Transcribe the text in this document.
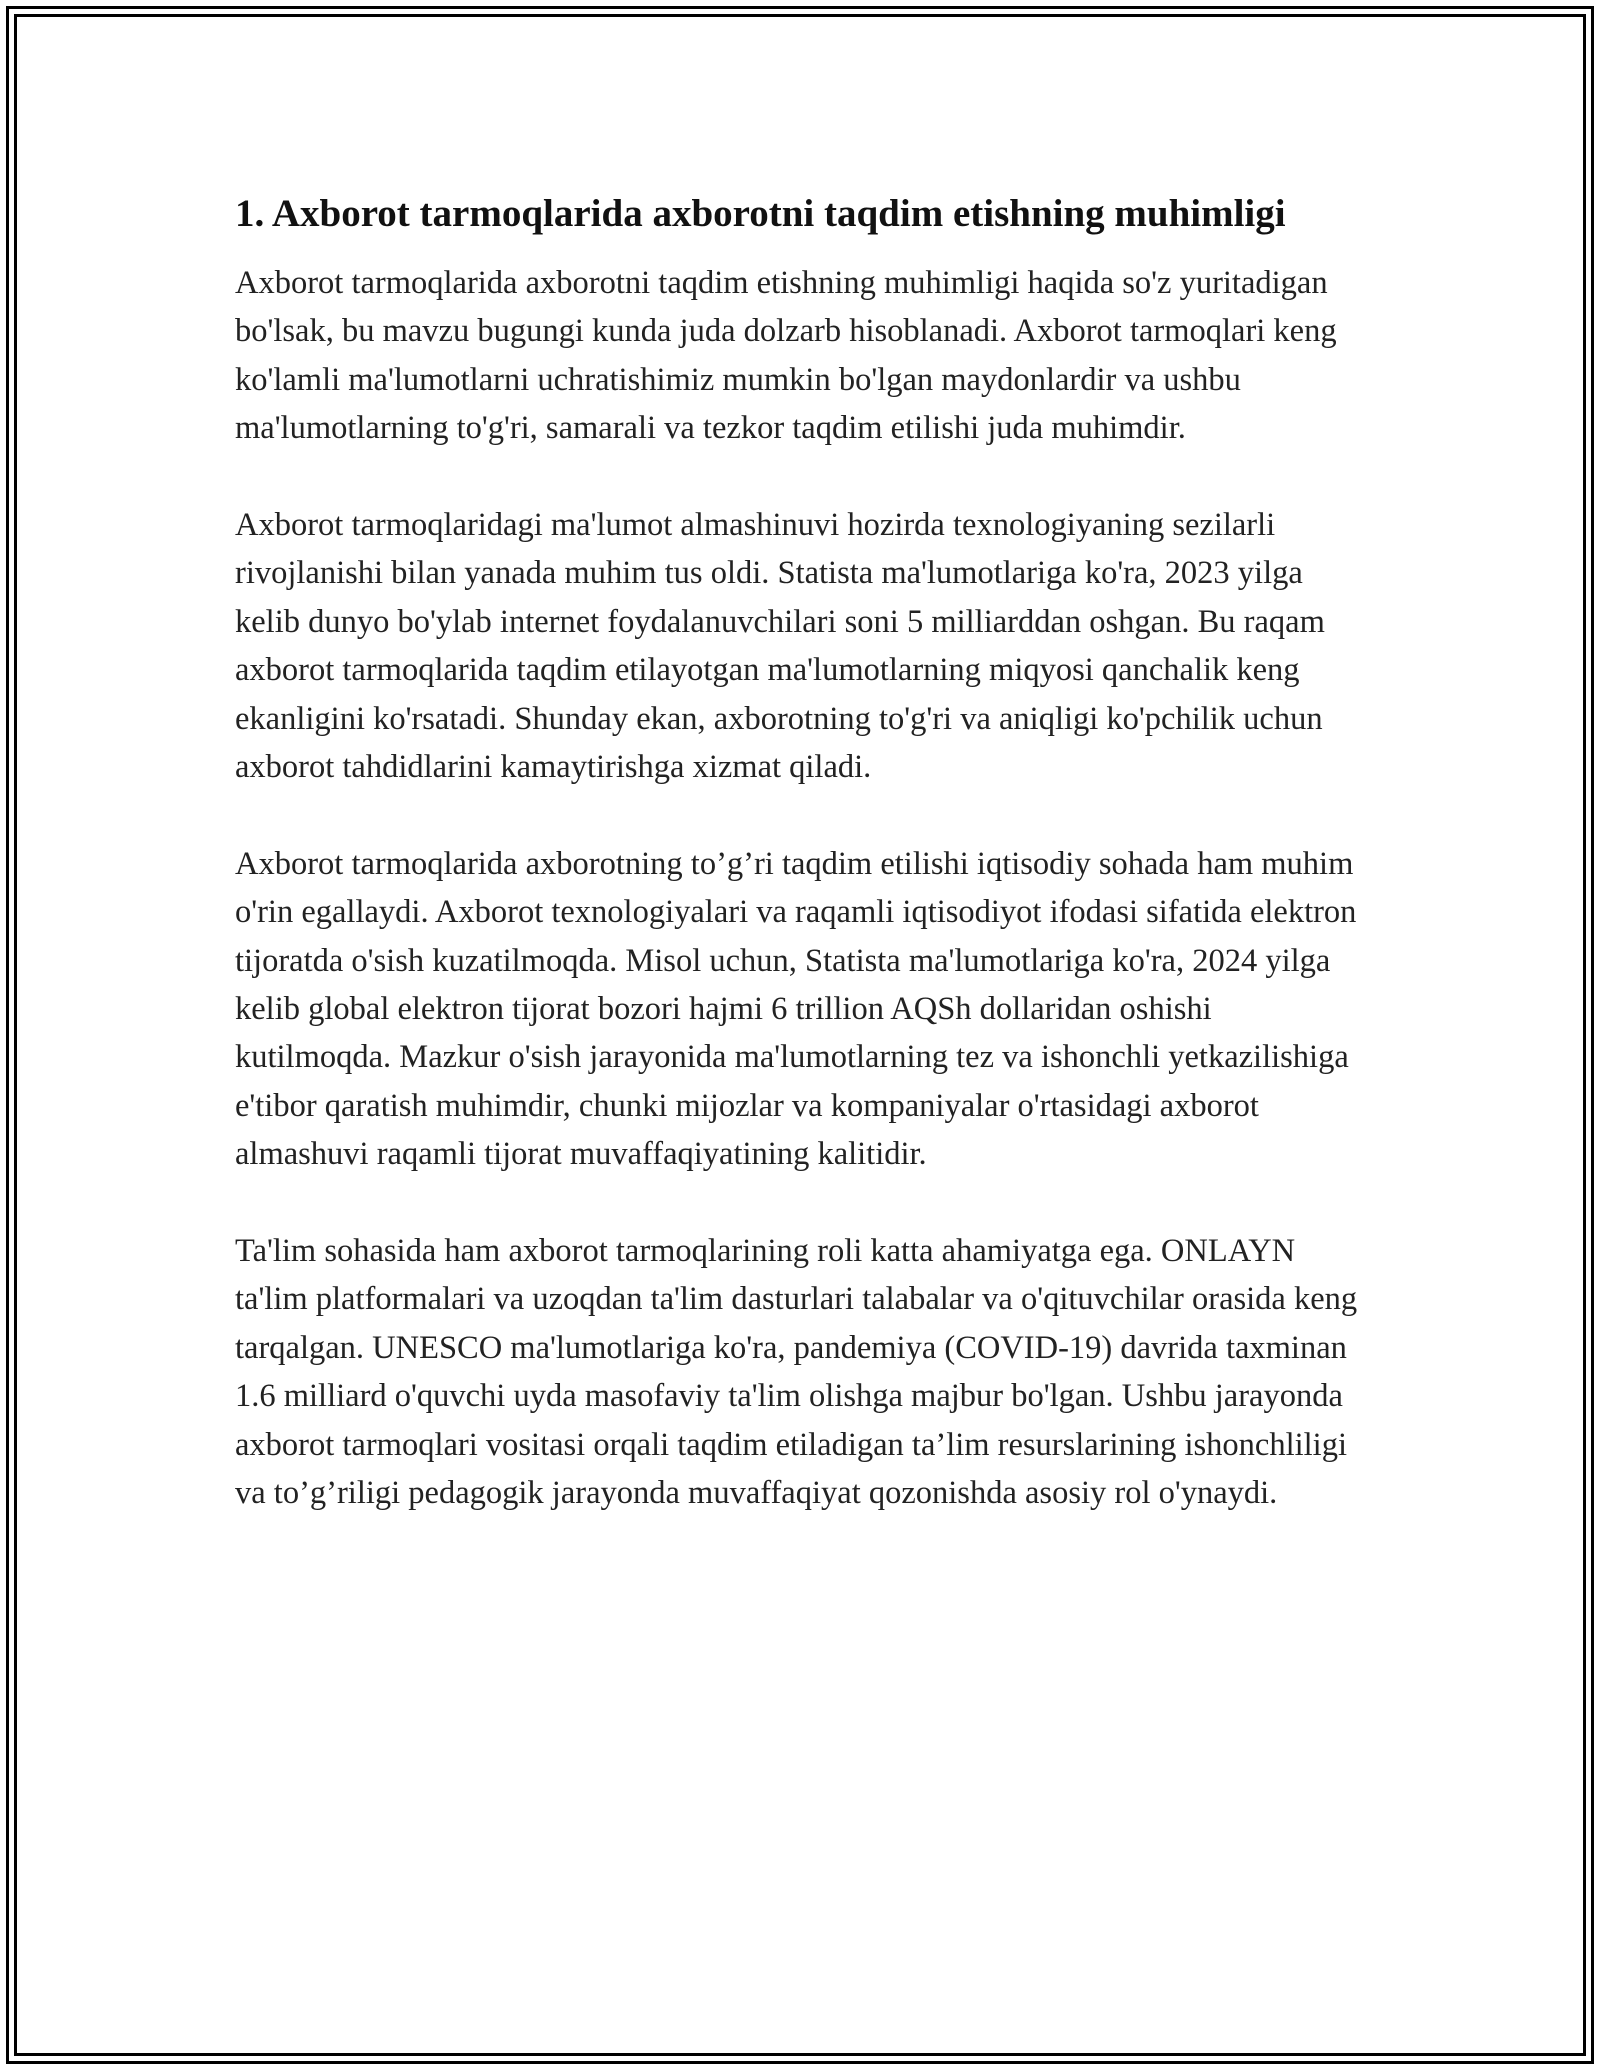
1. Axborot tarmoqlarida axborotni taqdim etishning muhimligi

Axborot tarmoqlarida axborotni taqdim etishning muhimligi haqida so'z yuritadigan bo'lsak, bu mavzu bugungi kunda juda dolzarb hisoblanadi. Axborot tarmoqlari keng ko'lamli ma'lumotlarni uchratishimiz mumkin bo'lgan maydonlardir va ushbu ma'lumotlarning to'g'ri, samarali va tezkor taqdim etilishi juda muhimdir.

Axborot tarmoqlaridagi ma'lumot almashinuvi hozirda texnologiyaning sezilarli rivojlanishi bilan yanada muhim tus oldi. Statista ma'lumotlariga ko'ra, 2023 yilga kelib dunyo bo'ylab internet foydalanuvchilari soni 5 milliarddan oshgan. Bu raqam axborot tarmoqlarida taqdim etilayotgan ma'lumotlarning miqyosi qanchalik keng ekanligini ko'rsatadi. Shunday ekan, axborotning to'g'ri va aniqligi ko'pchilik uchun axborot tahdidlarini kamaytirishga xizmat qiladi.

Axborot tarmoqlarida axborotning to’g’ri taqdim etilishi iqtisodiy sohada ham muhim o'rin egallaydi. Axborot texnologiyalari va raqamli iqtisodiyot ifodasi sifatida elektron tijoratda o'sish kuzatilmoqda. Misol uchun, Statista ma'lumotlariga ko'ra, 2024 yilga kelib global elektron tijorat bozori hajmi 6 trillion AQSh dollaridan oshishi kutilmoqda. Mazkur o'sish jarayonida ma'lumotlarning tez va ishonchli yetkazilishiga e'tibor qaratish muhimdir, chunki mijozlar va kompaniyalar o'rtasidagi axborot almashuvi raqamli tijorat muvaffaqiyatining kalitidir.

Ta'lim sohasida ham axborot tarmoqlarining roli katta ahamiyatga ega. ONLAYN ta'lim platformalari va uzoqdan ta'lim dasturlari talabalar va o'qituvchilar orasida keng tarqalgan. UNESCO ma'lumotlariga ko'ra, pandemiya (COVID-19) davrida taxminan 1.6 milliard o'quvchi uyda masofaviy ta'lim olishga majbur bo'lgan. Ushbu jarayonda axborot tarmoqlari vositasi orqali taqdim etiladigan ta’lim resurslarining ishonchliligi va to’g’riligi pedagogik jarayonda muvaffaqiyat qozonishda asosiy rol o'ynaydi.
